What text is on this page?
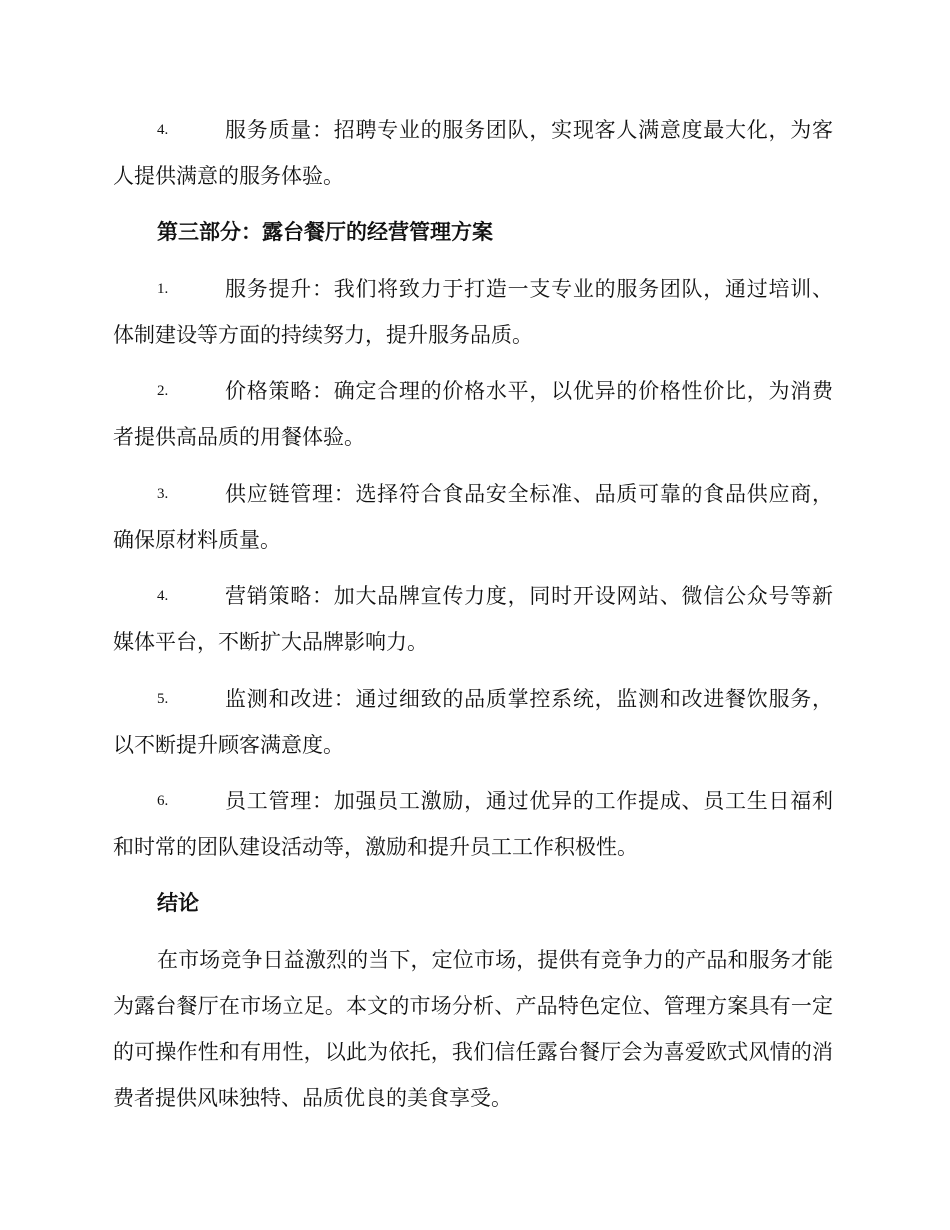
4.	服务质量：招聘专业的服务团队，实现客人满意度最大化，为客人提供满意的服务体验。
第三部分：露台餐厅的经营管理方案
1.	服务提升：我们将致力于打造一支专业的服务团队，通过培训、体制建设等方面的持续努力，提升服务品质。
2.	价格策略：确定合理的价格水平，以优异的价格性价比，为消费者提供高品质的用餐体验。
3.	供应链管理：选择符合食品安全标准、品质可靠的食品供应商，确保原材料质量。
4.	营销策略：加大品牌宣传力度，同时开设网站、微信公众号等新媒体平台，不断扩大品牌影响力。
5.	监测和改进：通过细致的品质掌控系统，监测和改进餐饮服务，以不断提升顾客满意度。
6.	员工管理：加强员工激励，通过优异的工作提成、员工生日福利和时常的团队建设活动等，激励和提升员工工作积极性。
结论
在市场竞争日益激烈的当下，定位市场，提供有竞争力的产品和服务才能为露台餐厅在市场立足。本文的市场分析、产品特色定位、管理方案具有一定的可操作性和有用性，以此为依托，我们信任露台餐厅会为喜爱欧式风情的消费者提供风味独特、品质优良的美食享受。
